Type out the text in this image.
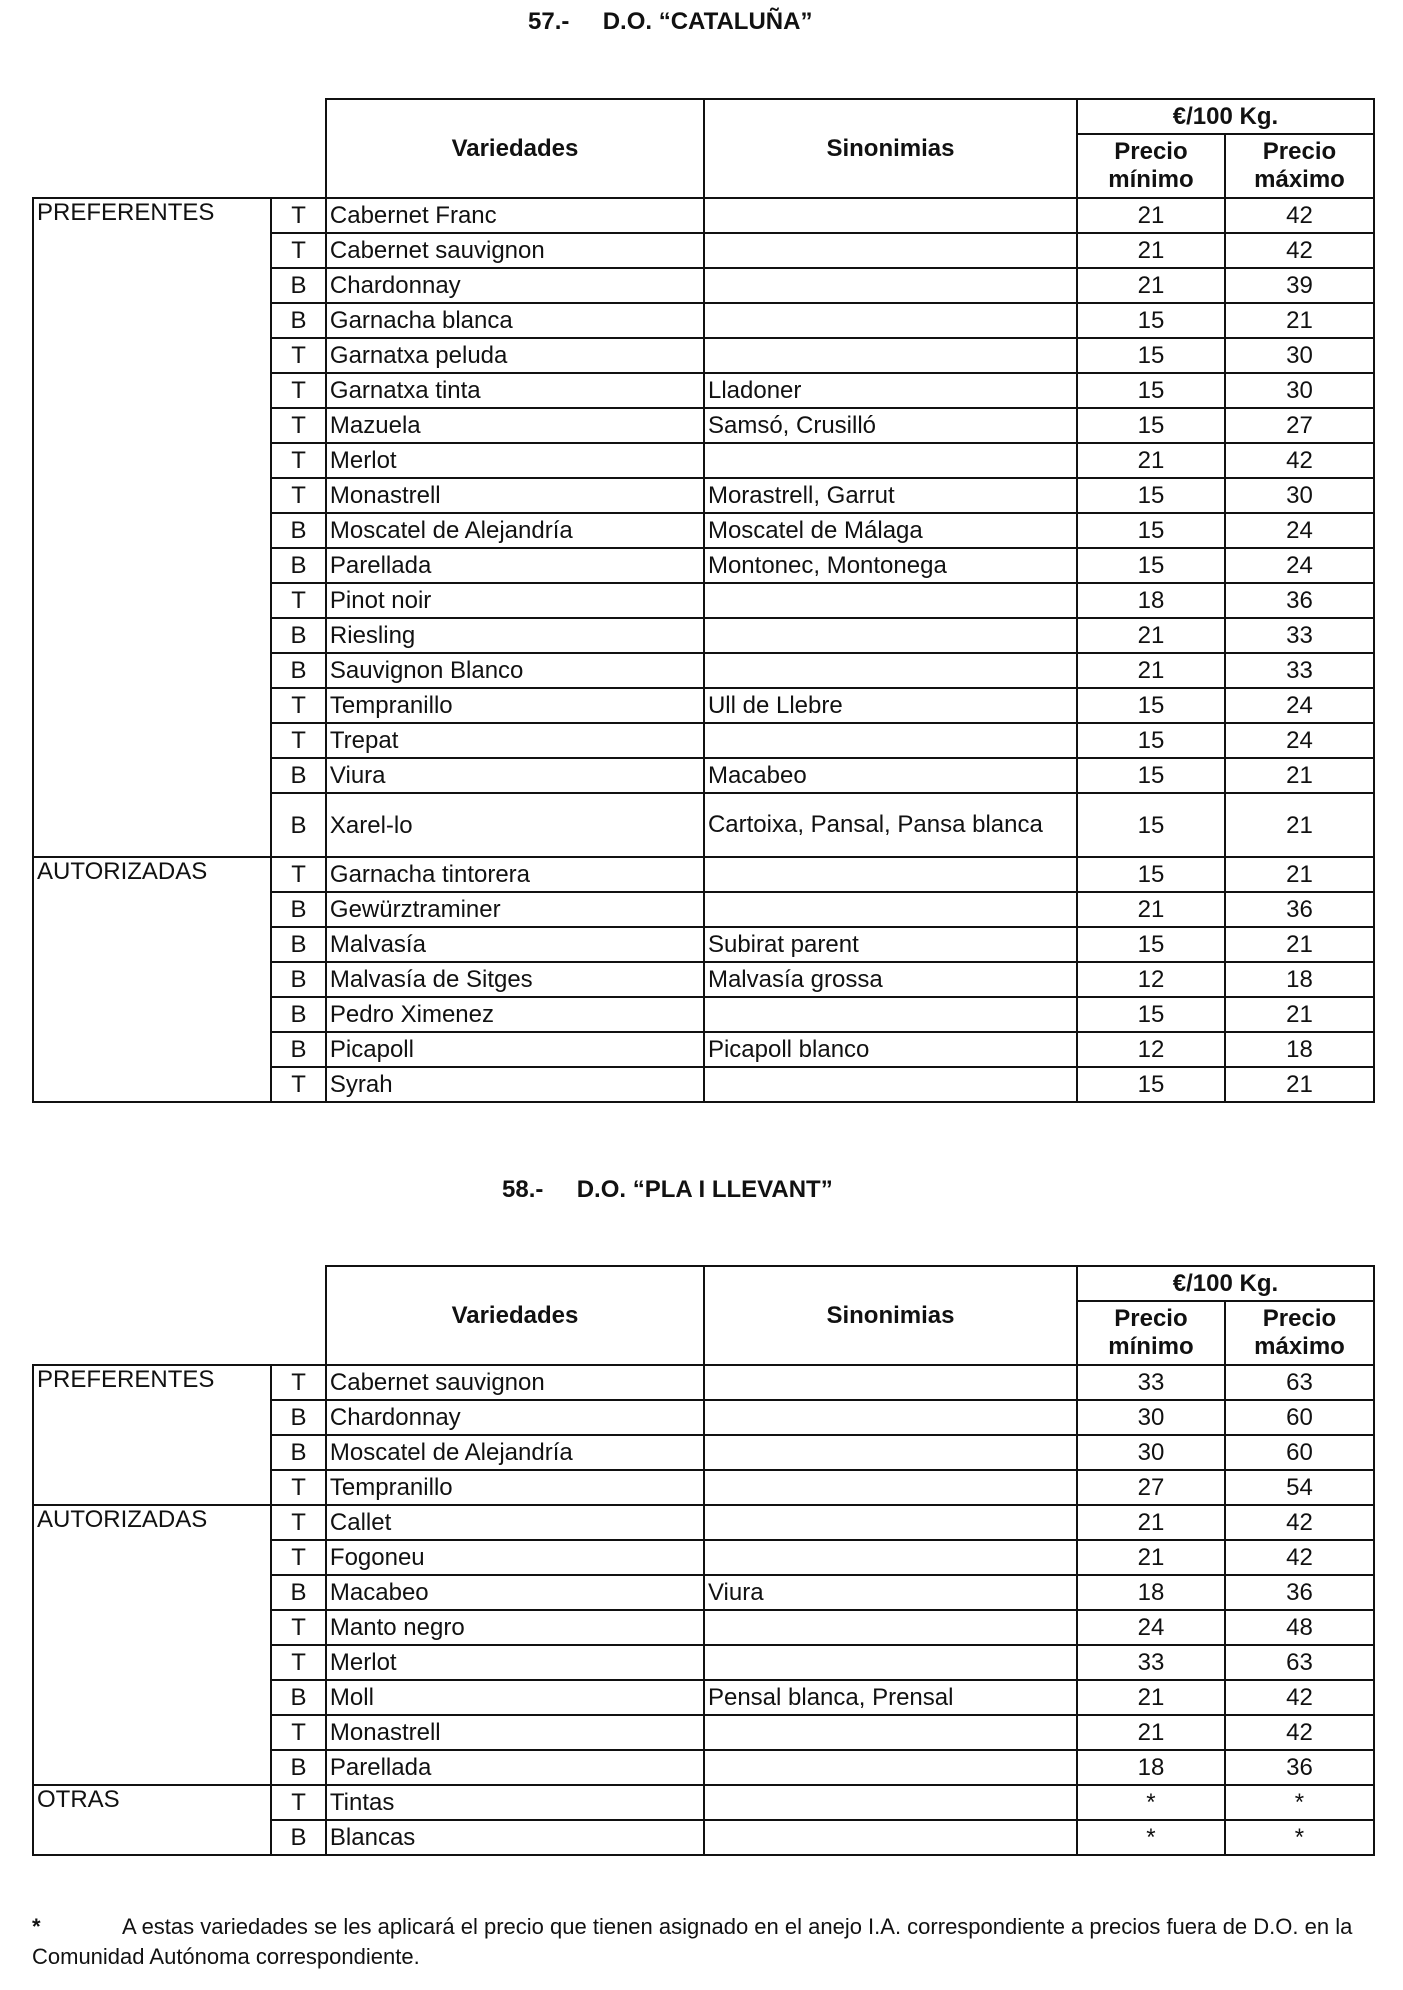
57.- D.O. “CATALUÑA”
		Variedades	Sinonimias	€/100 Kg.	
				Precio mínimo	Precio máximo
PREFERENTES	T	Cabernet Franc		21	42
	T	Cabernet sauvignon		21	42
	B	Chardonnay		21	39
	B	Garnacha blanca		15	21
	T	Garnatxa peluda		15	30
	T	Garnatxa tinta	Lladoner	15	30
	T	Mazuela	Samsó, Crusilló	15	27
	T	Merlot		21	42
	T	Monastrell	Morastrell, Garrut	15	30
	B	Moscatel de Alejandría	Moscatel de Málaga	15	24
	B	Parellada	Montonec, Montonega	15	24
	T	Pinot noir		18	36
	B	Riesling		21	33
	B	Sauvignon Blanco		21	33
	T	Tempranillo	Ull de Llebre	15	24
	T	Trepat		15	24
	B	Viura	Macabeo	15	21
	B	Xarel-lo	Cartoixa, Pansal, Pansa blanca	15	21
AUTORIZADAS	T	Garnacha tintorera		15	21
	B	Gewürztraminer		21	36
	B	Malvasía	Subirat parent	15	21
	B	Malvasía de Sitges	Malvasía grossa	12	18
	B	Pedro Ximenez		15	21
	B	Picapoll	Picapoll blanco	12	18
	T	Syrah		15	21
58.- D.O. “PLA I LLEVANT”
		Variedades	Sinonimias	€/100 Kg.	
				Precio mínimo	Precio máximo
PREFERENTES	T	Cabernet sauvignon		33	63
	B	Chardonnay		30	60
	B	Moscatel de Alejandría		30	60
	T	Tempranillo		27	54
AUTORIZADAS	T	Callet		21	42
	T	Fogoneu		21	42
	B	Macabeo	Viura	18	36
	T	Manto negro		24	48
	T	Merlot		33	63
	B	Moll	Pensal blanca, Prensal	21	42
	T	Monastrell		21	42
	B	Parellada		18	36
OTRAS	T	Tintas		*	*
	B	Blancas		*	*
*	A estas variedades se les aplicará el precio que tienen asignado en el anejo I.A. correspondiente a precios fuera de D.O. en la Comunidad Autónoma correspondiente.
